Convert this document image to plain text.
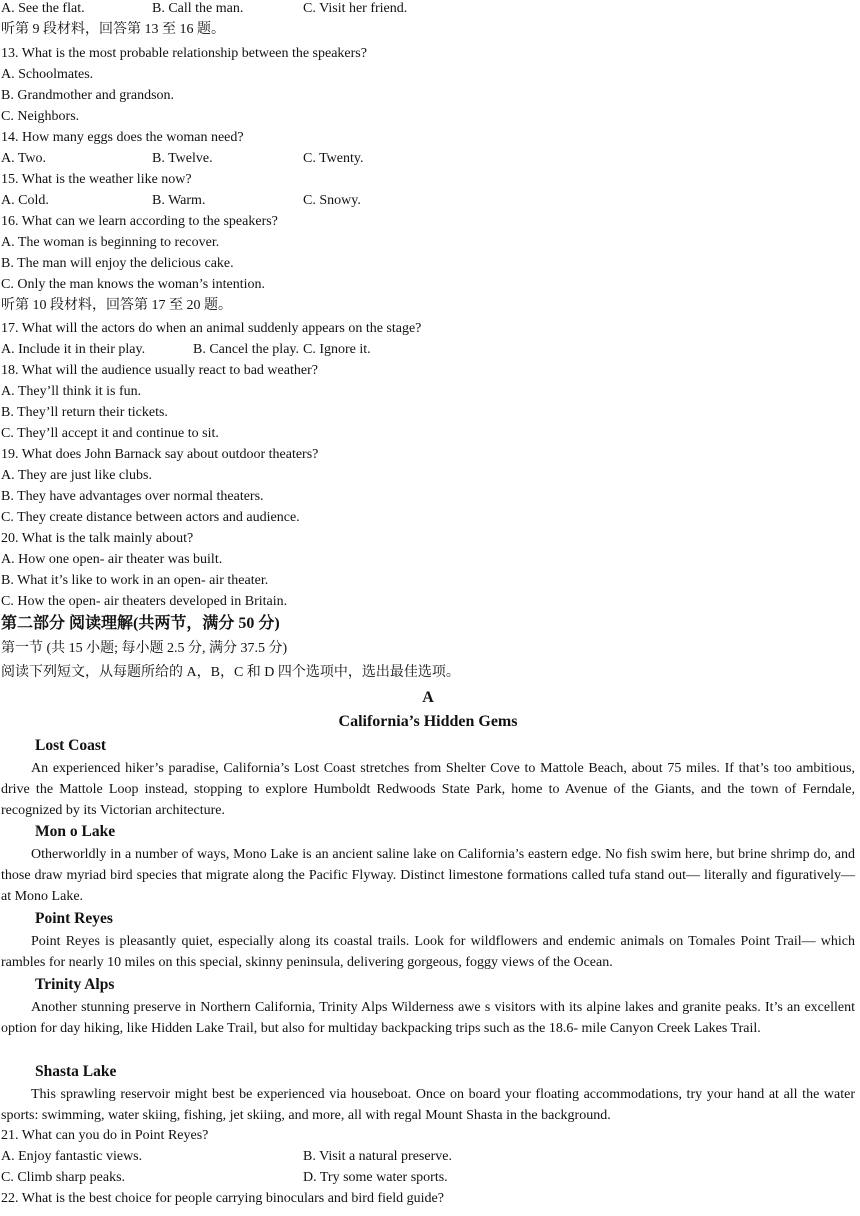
A. See the flat.	B. Call the man.	C. Visit her friend.
听第 9 段材料，回答第 13 至 16 题。
13. What is the most probable relationship between the speakers?
A. Schoolmates.
B. Grandmother and grandson.
C. Neighbors.
14. How many eggs does the woman need?
A. Two.	B. Twelve.	C. Twenty.
15. What is the weather like now?
A. Cold.	B. Warm.	C. Snowy.
16. What can we learn according to the speakers?
A. The woman is beginning to recover.
B. The man will enjoy the delicious cake.
C. Only the man knows the woman’s intention.
听第 10 段材料，回答第 17 至 20 题。
17. What will the actors do when an animal suddenly appears on the stage?
A. Include it in their play.	B. Cancel the play. C. Ignore it.
18. What will the audience usually react to bad weather?
A. They’ll think it is fun.
B. They’ll return their tickets.
C. They’ll accept it and continue to sit.
19. What does John Barnack say about outdoor theaters?
A. They are just like clubs.
B. They have advantages over normal theaters.
C. They create distance between actors and audience.
20. What is the talk mainly about?
A. How one open- air theater was built.
B. What it’s like to work in an open- air theater.
C. How the open- air theaters developed in Britain.
第二部分 阅读理解(共两节，满分 50 分)
第一节 (共 15 小题; 每小题 2.5 分, 满分 37.5 分)
阅读下列短文，从每题所给的 A，B，C 和 D 四个选项中，选出最佳选项。
A
California’s Hidden Gems
Lost Coast
An experienced hiker’s paradise, California’s Lost Coast stretches from Shelter Cove to Mattole Beach, about 75 miles. If that’s too ambitious, drive the Mattole Loop instead, stopping to explore Humboldt Redwoods State Park, home to Avenue of the Giants, and the town of Ferndale, recognized by its Victorian architecture.
Mon o Lake
Otherworldly in a number of ways, Mono Lake is an ancient saline lake on California’s eastern edge. No fish swim here, but brine shrimp do, and those draw myriad bird species that migrate along the Pacific Flyway. Distinct limestone formations called tufa stand out— literally and figuratively— at Mono Lake.
Point Reyes
Point Reyes is pleasantly quiet, especially along its coastal trails. Look for wildflowers and endemic animals on Tomales Point Trail— which rambles for nearly 10 miles on this special, skinny peninsula, delivering gorgeous, foggy views of the Ocean.
Trinity Alps
Another stunning preserve in Northern California, Trinity Alps Wilderness awe s visitors with its alpine lakes and granite peaks. It’s an excellent option for day hiking, like Hidden Lake Trail, but also for multiday backpacking trips such as the 18.6- mile Canyon Creek Lakes Trail.
Shasta Lake
This sprawling reservoir might best be experienced via houseboat. Once on board your floating accommodations, try your hand at all the water sports: swimming, water skiing, fishing, jet skiing, and more, all with regal Mount Shasta in the background.
21. What can you do in Point Reyes?
A. Enjoy fantastic views.	B. Visit a natural preserve.
C. Climb sharp peaks.	D. Try some water sports.
22. What is the best choice for people carrying binoculars and bird field guide?
